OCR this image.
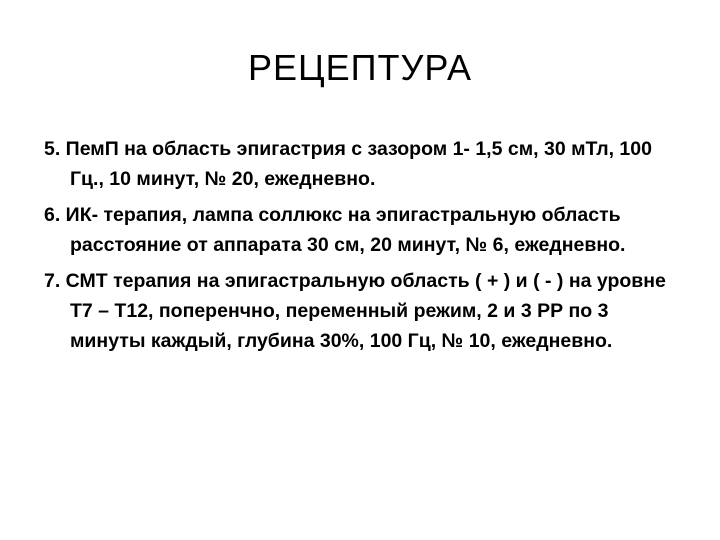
РЕЦЕПТУРА
5. ПемП на область эпигастрия с зазором 1- 1,5 см, 30 мТл, 100 Гц., 10 минут, № 20, ежедневно.
6. ИК- терапия, лампа соллюкс на эпигастральную область расстояние от аппарата 30 см, 20 минут, № 6, ежедневно.
7. СМТ терапия на эпигастральную область ( + ) и ( - ) на уровне Т7 – Т12, поперенчно, переменный режим, 2 и 3 РР по 3 минуты каждый, глубина 30%, 100 Гц, № 10, ежедневно.
